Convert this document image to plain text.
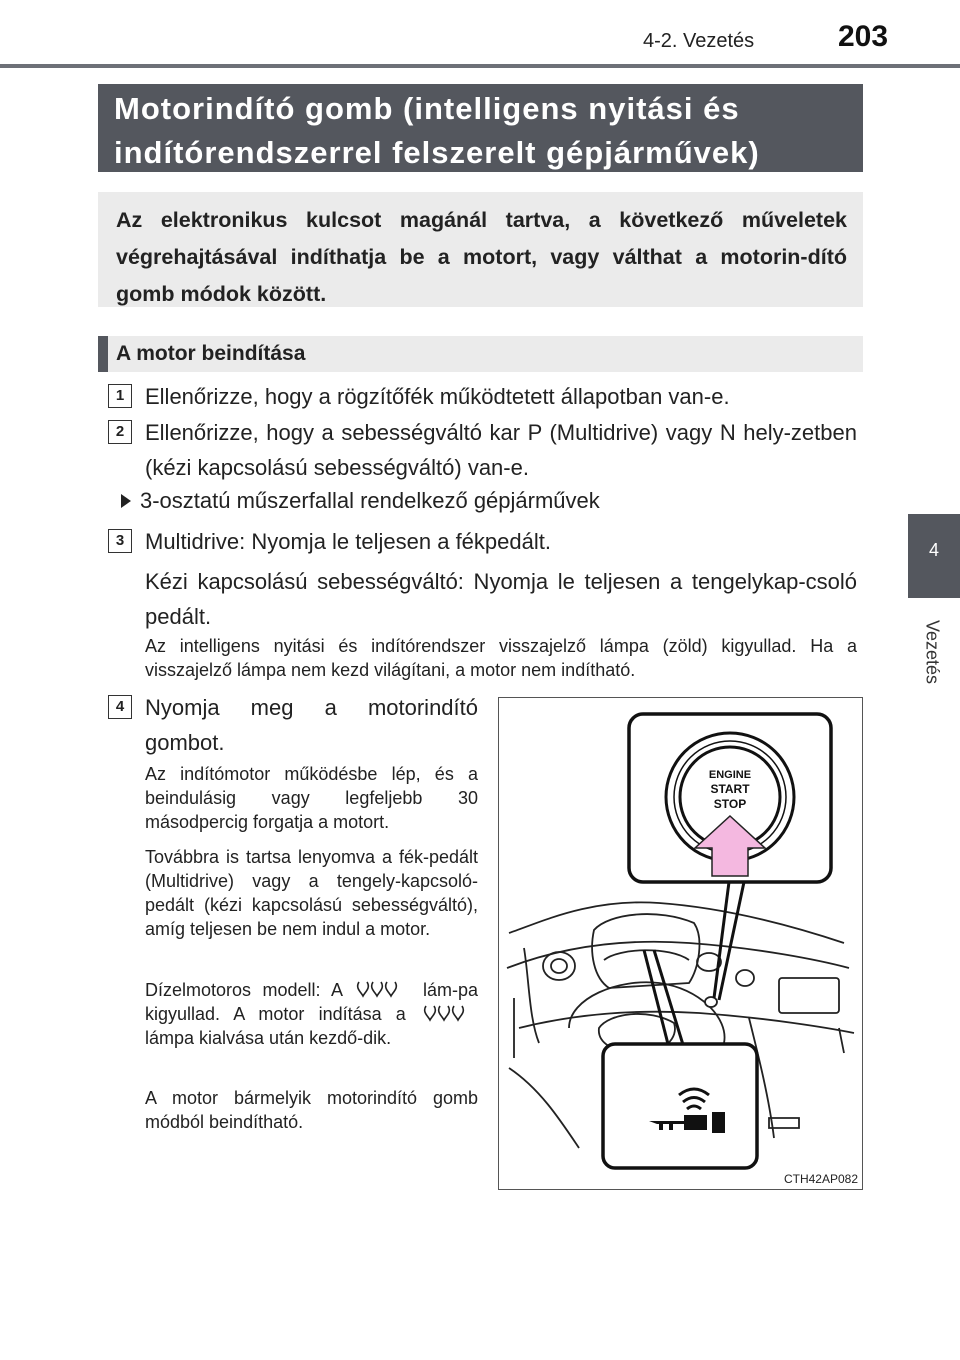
4-2. Vezetés	203
4
Vezetés
Motorindító gomb (intelligens nyitási és
indítórendszerrel felszerelt gépjárművek)
Az elektronikus kulcsot magánál tartva, a következő műveletek végrehajtásával indíthatja be a motort, vagy válthat a motorin-dító gomb módok között.
A motor beindítása
1 Ellenőrizze, hogy a rögzítőfék működtetett állapotban van-e.
2 Ellenőrizze, hogy a sebességváltó kar P (Multidrive) vagy N hely-zetben (kézi kapcsolású sebességváltó) van-e.
3-osztatú műszerfallal rendelkező gépjárművek
3 Multidrive: Nyomja le teljesen a fékpedált.
Kézi kapcsolású sebességváltó: Nyomja le teljesen a tengelykap-csoló pedált.
Az intelligens nyitási és indítórendszer visszajelző lámpa (zöld) kigyullad. Ha a visszajelző lámpa nem kezd világítani, a motor nem indítható.
4 Nyomja meg a motorindító gombot.
Az indítómotor működésbe lép, és a beindulásig vagy legfeljebb 30 másodpercig forgatja a motort.
Továbbra is tartsa lenyomva a fék-pedált (Multidrive) vagy a tengely-kapcsoló-pedált (kézi kapcsolású sebességváltó), amíg teljesen be nem indul a motor.
Dízelmotoros modell: A	lám-pa kigyullad. A motor indítása a  lámpa kialvása után kezdő-dik.
A motor bármelyik motorindító gomb módból beindítható.
ENGINE
START
STOP
CTH42AP082
